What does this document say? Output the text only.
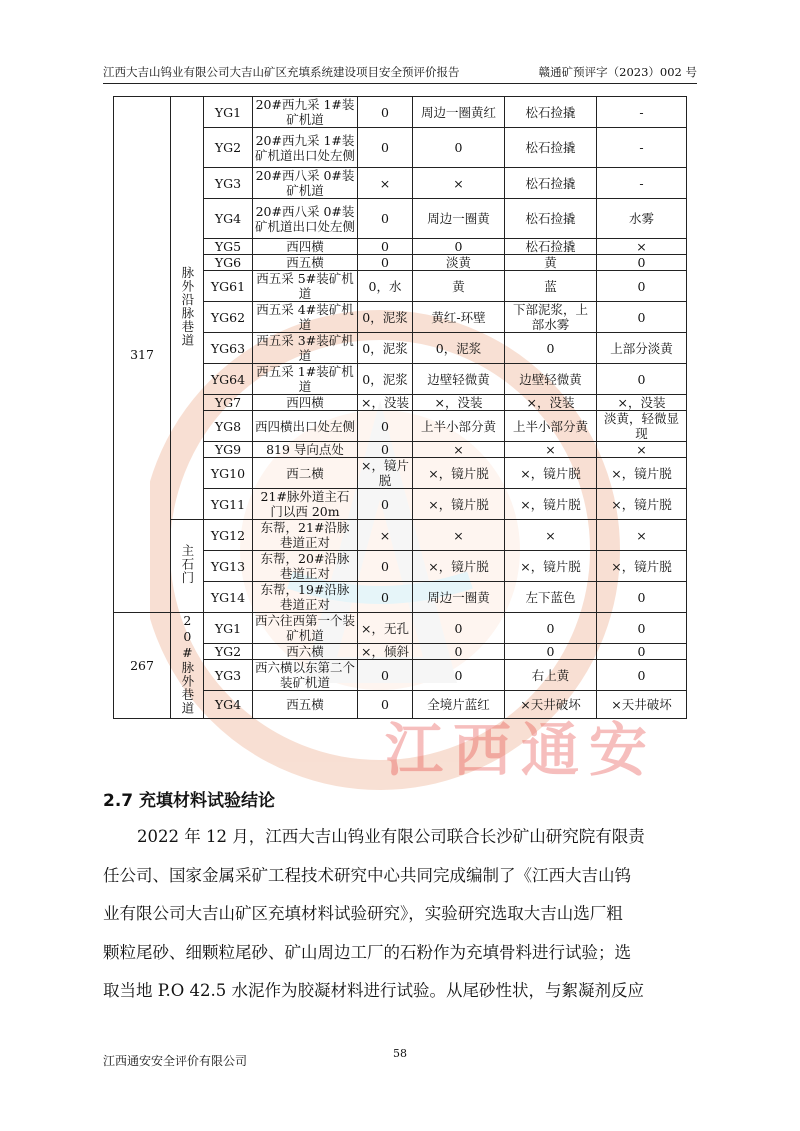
江西大吉山钨业有限公司大吉山矿区充填系统建设项目安全预评价报告	赣通矿预评字（2023）002 号
江西通安
317	脉外沿脉巷道	YG1	20#西九采 1#装矿机道	0	周边一圈黄红	松石捡撬	-
		YG2	20#西九采 1#装矿机道出口处左侧	0	0	松石捡撬	-
		YG3	20#西八采 0#装矿机道	×	×	松石捡撬	-
		YG4	20#西八采 0#装矿机道出口处左侧	0	周边一圈黄	松石捡撬	水雾
		YG5	西四横	0	0	松石捡撬	×
		YG6	西五横	0	淡黄	黄	0
		YG61	西五采 5#装矿机道	0，水	黄	蓝	0
		YG62	西五采 4#装矿机道	0，泥浆	黄红-环壁	下部泥浆，上部水雾	0
		YG63	西五采 3#装矿机道	0，泥浆	0，泥浆	0	上部分淡黄
		YG64	西五采 1#装矿机道	0，泥浆	边壁轻微黄	边壁轻微黄	0
		YG7	西四横	×，没装	×，没装	×，没装	×，没装
		YG8	西四横出口处左侧	0	上半小部分黄	上半小部分黄	淡黄，轻微显现
		YG9	819 导向点处	0	×	×	×
		YG10	西二横	×，镜片脱	×，镜片脱	×，镜片脱	×，镜片脱
		YG11	21#脉外道主石门以西 20m	0	×，镜片脱	×，镜片脱	×，镜片脱
	主石门	YG12	东帮，21#沿脉巷道正对	×	×	×	×
		YG13	东帮，20#沿脉巷道正对	0	×，镜片脱	×，镜片脱	×，镜片脱
		YG14	东帮，19#沿脉巷道正对	0	周边一圈黄	左下蓝色	0
267	20#脉外巷道	YG1	西六往西第一个装矿机道	×，无孔	0	0	0
		YG2	西六横	×，倾斜	0	0	0
		YG3	西六横以东第二个装矿机道	0	0	右上黄	0
		YG4	西五横	0	全境片蓝红	×天井破坏	×天井破坏
2.7 充填材料试验结论
2022 年 12 月，江西大吉山钨业有限公司联合长沙矿山研究院有限责
任公司、国家金属采矿工程技术研究中心共同完成编制了《江西大吉山钨
业有限公司大吉山矿区充填材料试验研究》，实验研究选取大吉山选厂粗
颗粒尾砂、细颗粒尾砂、矿山周边工厂的石粉作为充填骨料进行试验；选
取当地 P.O 42.5 水泥作为胶凝材料进行试验。从尾砂性状，与絮凝剂反应
江西通安安全评价有限公司
58
